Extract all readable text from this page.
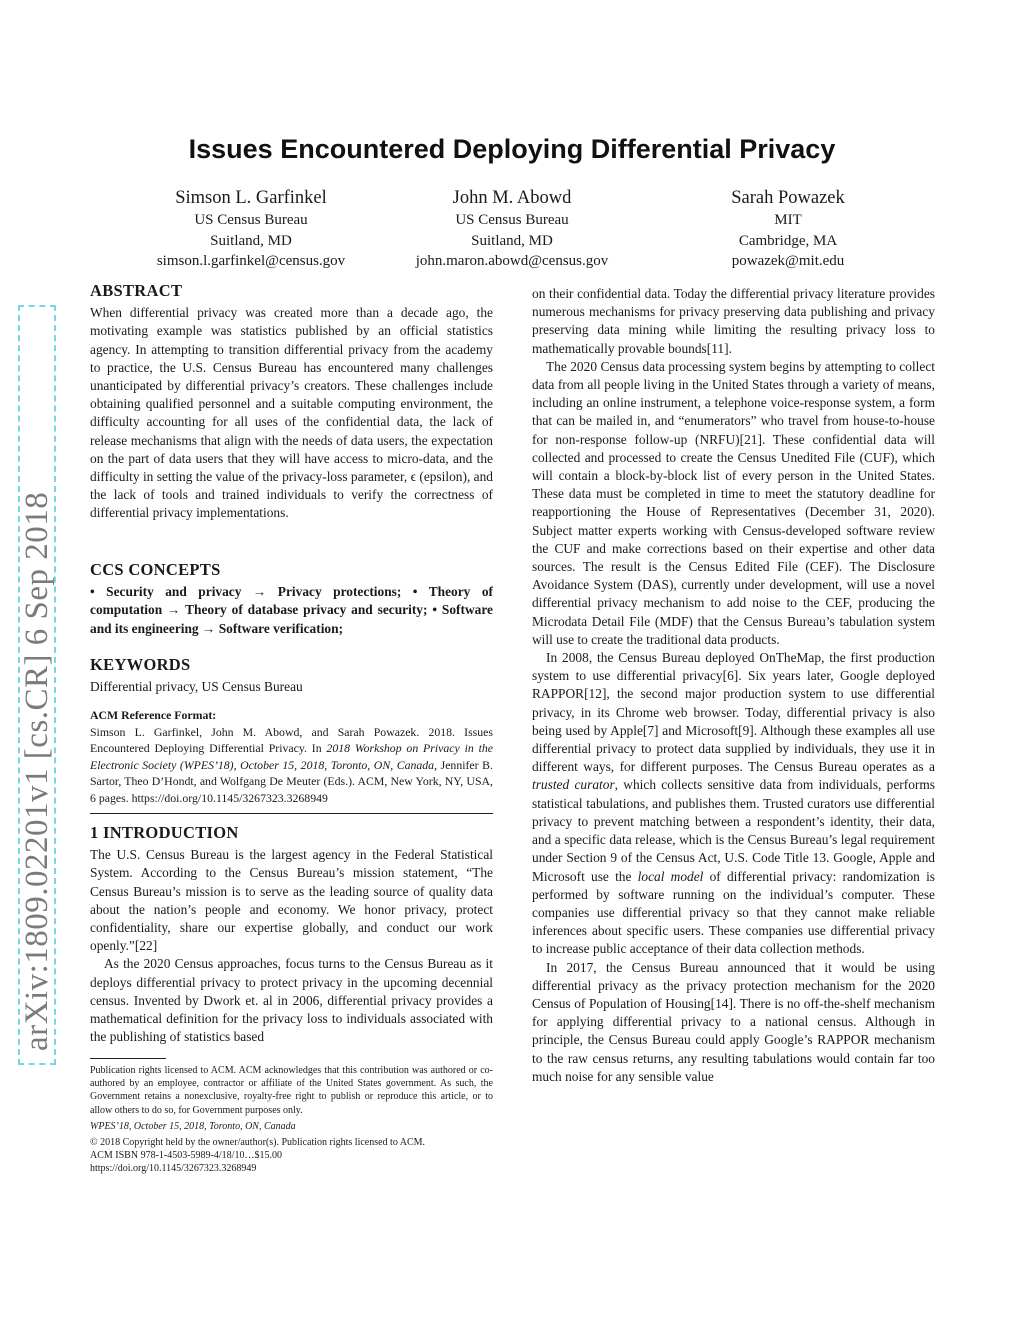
arXiv:1809.02201v1 [cs.CR] 6 Sep 2018
Issues Encountered Deploying Differential Privacy
Simson L. Garfinkel
US Census Bureau
Suitland, MD
simson.l.garfinkel@census.gov
John M. Abowd
US Census Bureau
Suitland, MD
john.maron.abowd@census.gov
Sarah Powazek
MIT
Cambridge, MA
powazek@mit.edu
ABSTRACT

When differential privacy was created more than a decade ago, the motivating example was statistics published by an official statistics agency. In attempting to transition differential privacy from the academy to practice, the U.S. Census Bureau has encountered many challenges unanticipated by differential privacy’s creators. These challenges include obtaining qualified personnel and a suitable computing environment, the difficulty accounting for all uses of the confidential data, the lack of release mechanisms that align with the needs of data users, the expectation on the part of data users that they will have access to micro-data, and the difficulty in setting the value of the privacy-loss parameter, ϵ (epsilon), and the lack of tools and trained individuals to verify the correctness of differential privacy implementations.

CCS CONCEPTS

• Security and privacy → Privacy protections; • Theory of computation → Theory of database privacy and security; • Software and its engineering → Software verification;

KEYWORDS

Differential privacy, US Census Bureau

ACM Reference Format:

Simson L. Garfinkel, John M. Abowd, and Sarah Powazek. 2018. Issues Encountered Deploying Differential Privacy. In 2018 Workshop on Privacy in the Electronic Society (WPES’18), October 15, 2018, Toronto, ON, Canada, Jennifer B. Sartor, Theo D’Hondt, and Wolfgang De Meuter (Eds.). ACM, New York, NY, USA, 6 pages. https://doi.org/10.1145/3267323.3268949

1 INTRODUCTION

The U.S. Census Bureau is the largest agency in the Federal Statistical System. According to the Census Bureau’s mission statement, “The Census Bureau’s mission is to serve as the leading source of quality data about the nation’s people and economy. We honor privacy, protect confidentiality, share our expertise globally, and conduct our work openly.”[22]

As the 2020 Census approaches, focus turns to the Census Bureau as it deploys differential privacy to protect privacy in the upcoming decennial census. Invented by Dwork et. al in 2006, differential privacy provides a mathematical definition for the privacy loss to individuals associated with the publishing of statistics based

Publication rights licensed to ACM. ACM acknowledges that this contribution was authored or co-authored by an employee, contractor or affiliate of the United States government. As such, the Government retains a nonexclusive, royalty-free right to publish or reproduce this article, or to allow others to do so, for Government purposes only.

WPES’18, October 15, 2018, Toronto, ON, Canada

© 2018 Copyright held by the owner/author(s). Publication rights licensed to ACM.

ACM ISBN 978-1-4503-5989-4/18/10…$15.00

https://doi.org/10.1145/3267323.3268949

on their confidential data. Today the differential privacy literature provides numerous mechanisms for privacy preserving data publishing and privacy preserving data mining while limiting the resulting privacy loss to mathematically provable bounds[11].

The 2020 Census data processing system begins by attempting to collect data from all people living in the United States through a variety of means, including an online instrument, a telephone voice-response system, a form that can be mailed in, and “enumerators” who travel from house-to-house for non-response follow-up (NRFU)[21]. These confidential data will collected and processed to create the Census Unedited File (CUF), which will contain a block-by-block list of every person in the United States. These data must be completed in time to meet the statutory deadline for reapportioning the House of Representatives (December 31, 2020). Subject matter experts working with Census-developed software review the CUF and make corrections based on their expertise and other data sources. The result is the Census Edited File (CEF). The Disclosure Avoidance System (DAS), currently under development, will use a novel differential privacy mechanism to add noise to the CEF, producing the Microdata Detail File (MDF) that the Census Bureau’s tabulation system will use to create the traditional data products.

In 2008, the Census Bureau deployed OnTheMap, the first production system to use differential privacy[6]. Six years later, Google deployed RAPPOR[12], the second major production system to use differential privacy, in its Chrome web browser. Today, differential privacy is also being used by Apple[7] and Microsoft[9]. Although these examples all use differential privacy to protect data supplied by individuals, they use it in different ways, for different purposes. The Census Bureau operates as a trusted curator, which collects sensitive data from individuals, performs statistical tabulations, and publishes them. Trusted curators use differential privacy to prevent matching between a respondent’s identity, their data, and a specific data release, which is the Census Bureau’s legal requirement under Section 9 of the Census Act, U.S. Code Title 13. Google, Apple and Microsoft use the local model of differential privacy: randomization is performed by software running on the individual’s computer. These companies use differential privacy so that they cannot make reliable inferences about specific users. These companies use differential privacy to increase public acceptance of their data collection methods.

In 2017, the Census Bureau announced that it would be using differential privacy as the privacy protection mechanism for the 2020 Census of Population of Housing[14]. There is no off-the-shelf mechanism for applying differential privacy to a national census. Although in principle, the Census Bureau could apply Google’s RAPPOR mechanism to the raw census returns, any resulting tabulations would contain far too much noise for any sensible value
